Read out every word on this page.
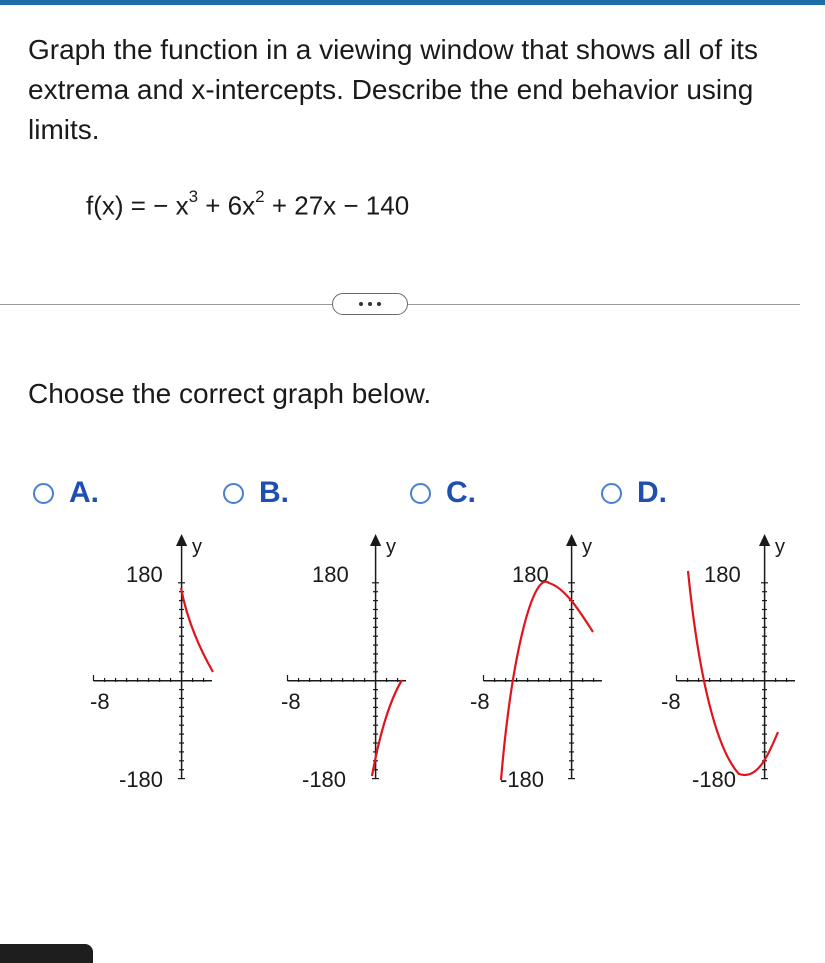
Graph the function in a viewing window that shows all of its extrema and x-intercepts. Describe the end behavior using limits.
f(x) = − $x^3 + 6x^2 + 27x - 140$
Choose the correct graph below.
A.
y
180
-180
-8
B.
y
180
-180
-8
C.
y
180
-180
-8
D.
y
180
-180
-8
